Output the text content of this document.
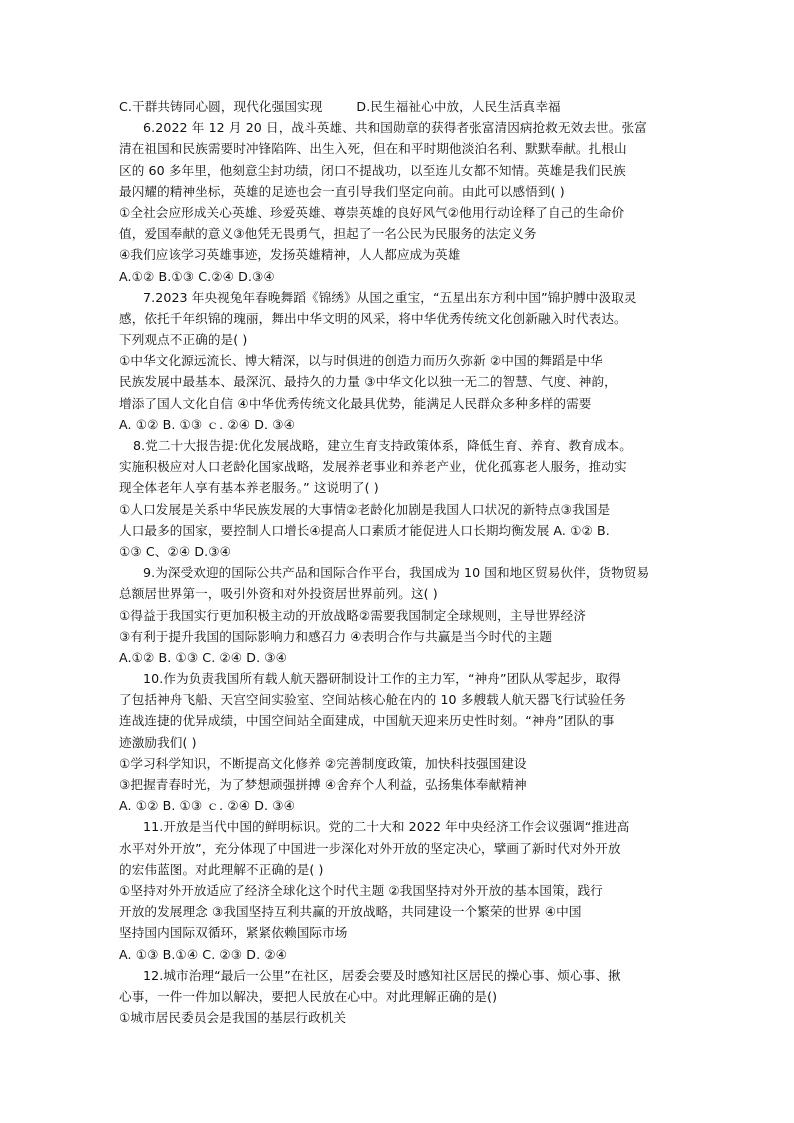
C.干群共铸同心圆，现代化强国实现	D.民生福祉心中放，人民生活真幸福
6.2022 年 12 月 20 日，战斗英雄、共和国勋章的获得者张富清因病抢救无效去世。张富
清在祖国和民族需要时冲锋陷阵、出生入死，但在和平时期他淡泊名利、默默奉献。扎根山
区的 60 多年里，他刻意尘封功绩，闭口不提战功，以至连儿女都不知情。英雄是我们民族
最闪耀的精神坐标，英雄的足迹也会一直引导我们坚定向前。由此可以感悟到( )
①全社会应形成关心英雄、珍爱英雄、尊崇英雄的良好风气②他用行动诠释了自己的生命价
值，爱国奉献的意义③他凭无畏勇气，担起了一名公民为民服务的法定义务
④我们应该学习英雄事迹，发扬英雄精神，人人都应成为英雄
A.①② B.①③ C.②④ D.③④
7.2023 年央视兔年春晚舞蹈《锦绣》从国之重宝，“五星出东方利中国”锦护膊中汲取灵
感，依托千年织锦的瑰丽，舞出中华文明的风采，将中华优秀传统文化创新融入时代表达。
下列观点不正确的是( )
①中华文化源远流长、博大精深，以与时俱进的创造力而历久弥新 ②中国的舞蹈是中华
民族发展中最基本、最深沉、最持久的力量 ③中华文化以独一无二的智慧、气度、神韵，
增添了国人文化自信 ④中华优秀传统文化最具优势，能满足人民群众多种多样的需要
A. ①② B. ①③ ｃ. ②④ D. ③④
8.党二十大报告提:优化发展战略，建立生育支持政策体系，降低生育、养育、教育成本。
实施积极应对人口老龄化国家战略，发展养老事业和养老产业，优化孤寡老人服务，推动实
现全体老年人享有基本养老服务。” 这说明了( )
①人口发展是关系中华民族发展的大事情②老龄化加剧是我国人口状况的新特点③我国是
人口最多的国家，要控制人口增长④提高人口素质才能促进人口长期均衡发展 A. ①② B.
①③ C、②④ D.③④
9.为深受欢迎的国际公共产品和国际合作平台，我国成为 10 国和地区贸易伙伴，货物贸易
总额居世界第一，吸引外资和对外投资居世界前列。这( )
①得益于我国实行更加积极主动的开放战略②需要我国制定全球规则，主导世界经济
③有利于提升我国的国际影响力和感召力 ④表明合作与共赢是当今时代的主题
A.①② B. ①③ C. ②④ D. ③④
10.作为负责我国所有载人航天器研制设计工作的主力军，“神舟”团队从零起步，取得
了包括神舟飞船、天宫空间实验室、空间站核心舱在内的 10 多艘载人航天器飞行试验任务
连战连捷的优异成绩，中国空间站全面建成，中国航天迎来历史性时刻。“神舟”团队的事
迹激励我们( )
①学习科学知识，不断提高文化修养 ②完善制度政策，加快科技强国建设
③把握青春时光，为了梦想顽强拼搏 ④舍弃个人利益，弘扬集体奉献精神
A. ①② B. ①③ ｃ. ②④ D. ③④
11.开放是当代中国的鲜明标识。党的二十大和 2022 年中央经济工作会议强调“推进高
水平对外开放”，充分体现了中国进一步深化对外开放的坚定决心，擘画了新时代对外开放
的宏伟蓝图。对此理解不正确的是( )
①坚持对外开放适应了经济全球化这个时代主题 ②我国坚持对外开放的基本国策，践行
开放的发展理念 ③我国坚持互利共赢的开放战略，共同建设一个繁荣的世界 ④中国
坚持国内国际双循环，紧紧依赖国际市场
A. ①③ B.①④ C. ②③ D. ②④
12.城市治理“最后一公里”在社区，居委会要及时感知社区居民的操心事、烦心事、揪
心事，一件一件加以解决，要把人民放在心中。对此理解正确的是()
①城市居民委员会是我国的基层行政机关
